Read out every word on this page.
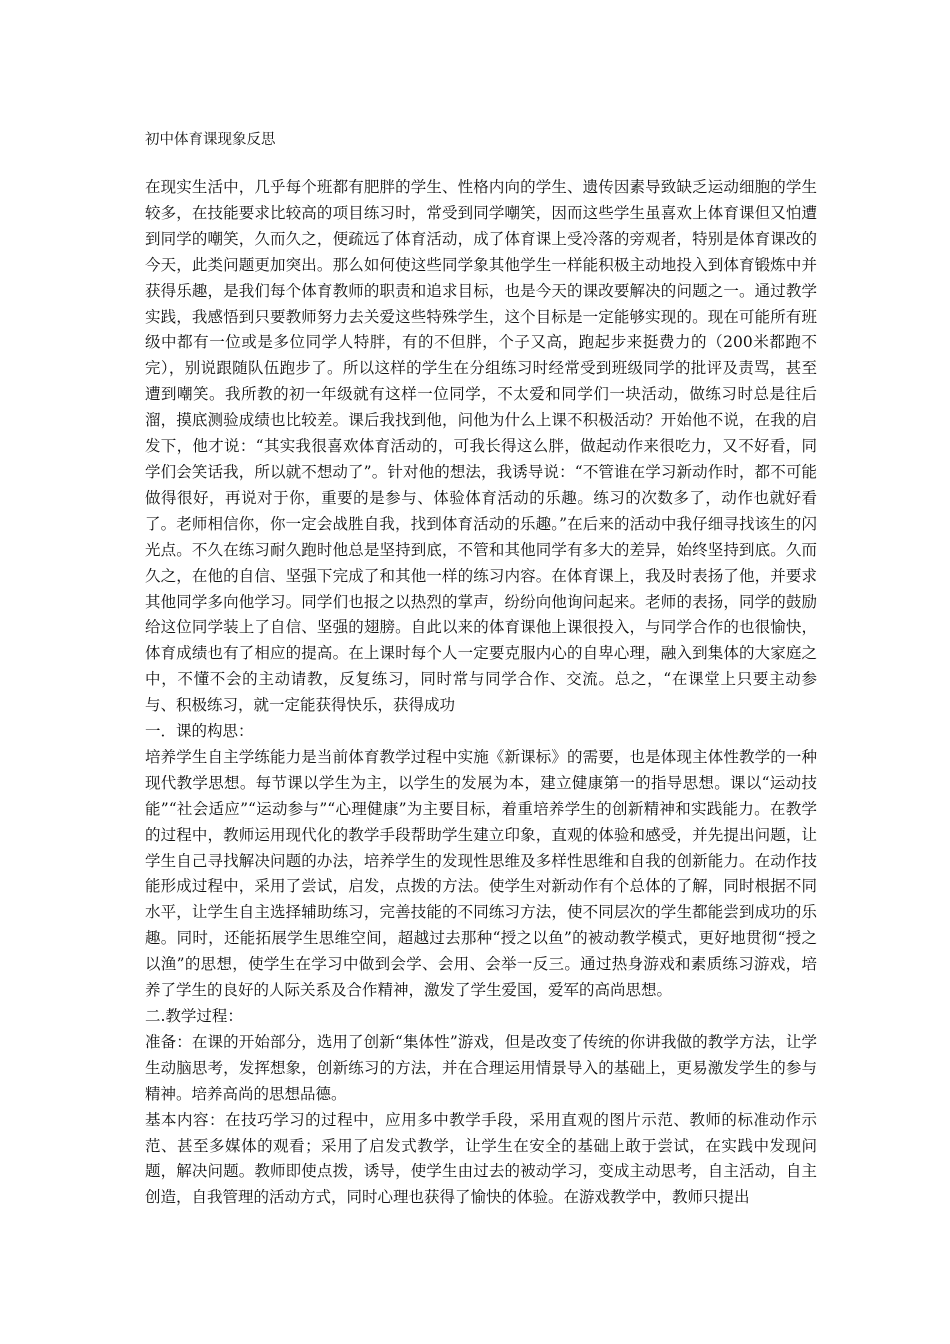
初中体育课现象反思

在现实生活中，几乎每个班都有肥胖的学生、性格内向的学生、遗传因素导致缺乏运动细胞的学生较多，在技能要求比较高的项目练习时，常受到同学嘲笑，因而这些学生虽喜欢上体育课但又怕遭到同学的嘲笑，久而久之，便疏远了体育活动，成了体育课上受冷落的旁观者，特别是体育课改的今天，此类问题更加突出。那么如何使这些同学象其他学生一样能积极主动地投入到体育锻炼中并获得乐趣，是我们每个体育教师的职责和追求目标，也是今天的课改要解决的问题之一。通过教学实践，我感悟到只要教师努力去关爱这些特殊学生，这个目标是一定能够实现的。现在可能所有班级中都有一位或是多位同学人特胖，有的不但胖，个子又高，跑起步来挺费力的（200米都跑不完），别说跟随队伍跑步了。所以这样的学生在分组练习时经常受到班级同学的批评及责骂，甚至遭到嘲笑。我所教的初一年级就有这样一位同学，不太爱和同学们一块活动，做练习时总是往后溜，摸底测验成绩也比较差。课后我找到他，问他为什么上课不积极活动？开始他不说，在我的启发下，他才说：“其实我很喜欢体育活动的，可我长得这么胖，做起动作来很吃力，又不好看，同学们会笑话我，所以就不想动了”。针对他的想法，我诱导说：“不管谁在学习新动作时，都不可能做得很好，再说对于你，重要的是参与、体验体育活动的乐趣。练习的次数多了，动作也就好看了。老师相信你，你一定会战胜自我，找到体育活动的乐趣。”在后来的活动中我仔细寻找该生的闪光点。不久在练习耐久跑时他总是坚持到底，不管和其他同学有多大的差异，始终坚持到底。久而久之，在他的自信、坚强下完成了和其他一样的练习内容。在体育课上，我及时表扬了他，并要求其他同学多向他学习。同学们也报之以热烈的掌声，纷纷向他询问起来。老师的表扬，同学的鼓励给这位同学装上了自信、坚强的翅膀。自此以来的体育课他上课很投入，与同学合作的也很愉快，体育成绩也有了相应的提高。在上课时每个人一定要克服内心的自卑心理，融入到集体的大家庭之中，不懂不会的主动请教，反复练习，同时常与同学合作、交流。总之，“在课堂上只要主动参与、积极练习，就一定能获得快乐，获得成功

一．课的构思：

培养学生自主学练能力是当前体育教学过程中实施《新课标》的需要，也是体现主体性教学的一种现代教学思想。每节课以学生为主，以学生的发展为本，建立健康第一的指导思想。课以“运动技能”“社会适应”“运动参与”“心理健康”为主要目标，着重培养学生的创新精神和实践能力。在教学的过程中，教师运用现代化的教学手段帮助学生建立印象，直观的体验和感受，并先提出问题，让学生自己寻找解决问题的办法，培养学生的发现性思维及多样性思维和自我的创新能力。在动作技能形成过程中，采用了尝试，启发，点拨的方法。使学生对新动作有个总体的了解，同时根据不同水平，让学生自主选择辅助练习，完善技能的不同练习方法，使不同层次的学生都能尝到成功的乐趣。同时，还能拓展学生思维空间，超越过去那种“授之以鱼”的被动教学模式，更好地贯彻“授之以渔”的思想，使学生在学习中做到会学、会用、会举一反三。通过热身游戏和素质练习游戏，培养了学生的良好的人际关系及合作精神，激发了学生爱国，爱军的高尚思想。

二.教学过程：

准备：在课的开始部分，选用了创新“集体性”游戏，但是改变了传统的你讲我做的教学方法，让学生动脑思考，发挥想象，创新练习的方法，并在合理运用情景导入的基础上，更易激发学生的参与精神。培养高尚的思想品德。

基本内容：在技巧学习的过程中，应用多中教学手段，采用直观的图片示范、教师的标准动作示范、甚至多媒体的观看；采用了启发式教学，让学生在安全的基础上敢于尝试，在实践中发现问题，解决问题。教师即使点拨，诱导，使学生由过去的被动学习，变成主动思考，自主活动，自主创造，自我管理的活动方式，同时心理也获得了愉快的体验。在游戏教学中，教师只提出
